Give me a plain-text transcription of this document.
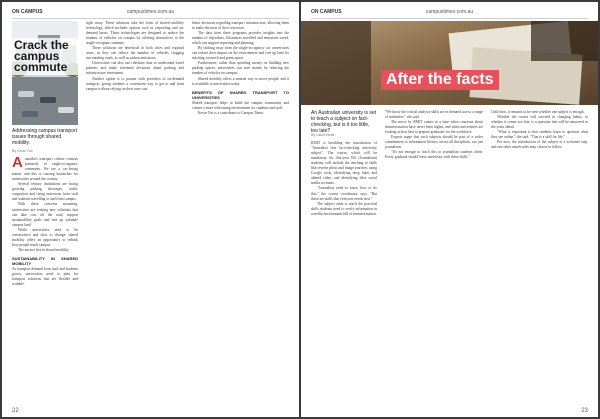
ON CAMPUS	campustimes.com.au
Crack the campus commute
Addressing campus transport issues through shared mobility.
By Kevin Ow

Australia's transport culture consists primarily of single-occupancy commutes. We are a car-loving nation, and this is causing headaches for universities around the country.

Several tertiary institutions are facing growing parking shortages, traffic congestion and rising emissions from staff and students travelling to and from campus.

With these concerns mounting, universities are seeking new solutions that can take cars off the road, support sustainability goals and free up valuable campus land.

While universities tend to be conservative and slow to change, shared mobility offers an opportunity to rethink how people reach campus.

The answer lies in shared mobility.

SUSTAINABILITY IN SHARED MOBILITY

As transport demand from staff and students grows, universities need to plan for transport solutions that are flexible and scalable.

right away. These solutions take the form of shared mobility technology, which includes options such as carpooling and on-demand buses. These technologies are designed to reduce the number of vehicles on campus by offering alternatives to the single-occupant commute.

These solutions are beneficial in both cities and regional areas, as they can reduce the number of vehicles clogging surrounding roads, as well as carbon emissions.

Universities can also use rideshare data to understand travel patterns and make informed decisions about parking and infrastructure investment.

Another option is to partner with providers of on-demand transport, giving students a convenient way to get to and from campus without relying on their own cars.

better decisions regarding transport infrastructure, allowing them to make the most of their resources.

The data from these programs provides insights into the number of trip-takers, kilometres travelled and emissions saved, which can support reporting and planning.

By shifting away from the single-occupancy car, universities can reduce their impact on the environment and free up land for teaching, research and green space.

Furthermore, rather than spending money on building new parking spaces, universities can save money by reducing the number of vehicles on campus.

Shared mobility offers a smarter way to move people, and it is available to universities today.

BENEFITS OF SHARED TRANSPORT TO UNIVERSITIES

Shared transport helps to build the campus community and creates a more welcoming environment for students and staff.

Kevin Ow is a contributor to Campus Times.

22
ON CAMPUS	campustimes.com.au
After the facts
An Australian university is set to teach a subject on fact-checking, but is it too little, too late?
By Laura Belle

RMIT is heralding the introduction of "Australia's first 'fact-checking' university subject". The course, which will be mandatory for first-year BA (Journalism) students, will include the teaching of skills like reverse photo and image searches, using Google tools, identifying deep fakes and altered video, and identifying false social media accounts.

"Journalists need to know how to do this," the course coordinator says. "But these are skills that everyone needs now."

The subject aims to teach the practical skills students need to verify information in a media environment full of misinformation.

"We know the critical analysis skills are in demand across a range of industries," she said.

The move by RMIT comes at a time when concerns about misinformation have never been higher, and when universities are looking at how best to prepare graduates for the workforce.

Experts argue that such subjects should be part of a wider commitment to information literacy across all disciplines, not just journalism.

"It's not enough to teach this to journalism students alone. Every graduate should leave university with these skills."

Until then, it remains to be seen whether one subject is enough.

Whether the course will succeed in changing habits, or whether it comes too late, is a question that will be answered in the years ahead.

"What is important is that students learn to question what they see online," she said. "That is a skill for life."

For now, the introduction of the subject is a welcome step, and one other universities may choose to follow.

23
